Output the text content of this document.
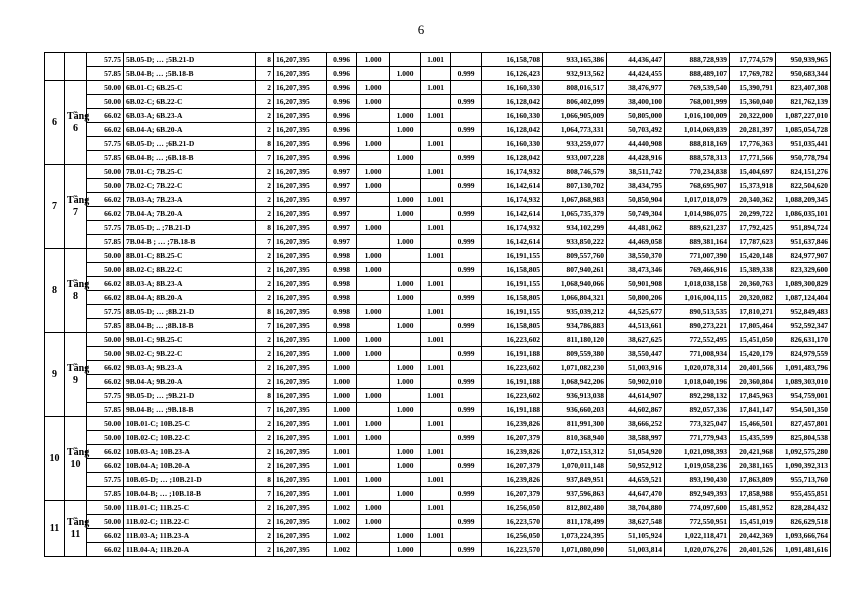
6
		57.75	5B.05-D; … ;5B.21-D	8	16,207,395	0.996	1.000		1.001		16,158,708	933,165,386	44,436,447	888,728,939	17,774,579	950,939,965
		57.85	5B.04-B; … ;5B.18-B	7	16,207,395	0.996		1.000		0.999	16,126,423	932,913,562	44,424,455	888,489,107	17,769,782	950,683,344
6	Tầng 6	50.00	6B.01-C; 6B.25-C	2	16,207,395	0.996	1.000		1.001		16,160,330	808,016,517	38,476,977	769,539,540	15,390,791	823,407,308
		50.00	6B.02-C; 6B.22-C	2	16,207,395	0.996	1.000			0.999	16,128,042	806,402,099	38,400,100	768,001,999	15,360,040	821,762,139
		66.02	6B.03-A; 6B.23-A	2	16,207,395	0.996		1.000	1.001		16,160,330	1,066,905,009	50,805,000	1,016,100,009	20,322,000	1,087,227,010
		66.02	6B.04-A; 6B.20-A	2	16,207,395	0.996		1.000		0.999	16,128,042	1,064,773,331	50,703,492	1,014,069,839	20,281,397	1,085,054,728
		57.75	6B.05-D; … ;6B.21-D	8	16,207,395	0.996	1.000		1.001		16,160,330	933,259,077	44,440,908	888,818,169	17,776,363	951,035,441
		57.85	6B.04-B; … ;6B.18-B	7	16,207,395	0.996		1.000		0.999	16,128,042	933,007,228	44,428,916	888,578,313	17,771,566	950,778,794
7	Tầng 7	50.00	7B.01-C; 7B.25-C	2	16,207,395	0.997	1.000		1.001		16,174,932	808,746,579	38,511,742	770,234,838	15,404,697	824,151,276
		50.00	7B.02-C; 7B.22-C	2	16,207,395	0.997	1.000			0.999	16,142,614	807,130,702	38,434,795	768,695,907	15,373,918	822,504,620
		66.02	7B.03-A; 7B.23-A	2	16,207,395	0.997		1.000	1.001		16,174,932	1,067,868,983	50,850,904	1,017,018,079	20,340,362	1,088,209,345
		66.02	7B.04-A; 7B.20-A	2	16,207,395	0.997		1.000		0.999	16,142,614	1,065,735,379	50,749,304	1,014,986,075	20,299,722	1,086,035,101
		57.75	7B.05-D; .. ;7B.21-D	8	16,207,395	0.997	1.000		1.001		16,174,932	934,102,299	44,481,062	889,621,237	17,792,425	951,894,724
		57.85	7B.04-B ; … ;7B.18-B	7	16,207,395	0.997		1.000		0.999	16,142,614	933,850,222	44,469,058	889,381,164	17,787,623	951,637,846
8	Tầng 8	50.00	8B.01-C; 8B.25-C	2	16,207,395	0.998	1.000		1.001		16,191,155	809,557,760	38,550,370	771,007,390	15,420,148	824,977,907
		50.00	8B.02-C; 8B.22-C	2	16,207,395	0.998	1.000			0.999	16,158,805	807,940,261	38,473,346	769,466,916	15,389,338	823,329,600
		66.02	8B.03-A; 8B.23-A	2	16,207,395	0.998		1.000	1.001		16,191,155	1,068,940,066	50,901,908	1,018,038,158	20,360,763	1,089,300,829
		66.02	8B.04-A; 8B.20-A	2	16,207,395	0.998		1.000		0.999	16,158,805	1,066,804,321	50,800,206	1,016,004,115	20,320,082	1,087,124,404
		57.75	8B.05-D; … ;8B.21-D	8	16,207,395	0.998	1.000		1.001		16,191,155	935,039,212	44,525,677	890,513,535	17,810,271	952,849,483
		57.85	8B.04-B; … ;8B.18-B	7	16,207,395	0.998		1.000		0.999	16,158,805	934,786,883	44,513,661	890,273,221	17,805,464	952,592,347
9	Tầng 9	50.00	9B.01-C; 9B.25-C	2	16,207,395	1.000	1.000		1.001		16,223,602	811,180,120	38,627,625	772,552,495	15,451,050	826,631,170
		50.00	9B.02-C; 9B.22-C	2	16,207,395	1.000	1.000			0.999	16,191,188	809,559,380	38,550,447	771,008,934	15,420,179	824,979,559
		66.02	9B.03-A; 9B.23-A	2	16,207,395	1.000		1.000	1.001		16,223,602	1,071,082,230	51,003,916	1,020,078,314	20,401,566	1,091,483,796
		66.02	9B.04-A; 9B.20-A	2	16,207,395	1.000		1.000		0.999	16,191,188	1,068,942,206	50,902,010	1,018,040,196	20,360,804	1,089,303,010
		57.75	9B.05-D; … ;9B.21-D	8	16,207,395	1.000	1.000		1.001		16,223,602	936,913,038	44,614,907	892,298,132	17,845,963	954,759,001
		57.85	9B.04-B; … ;9B.18-B	7	16,207,395	1.000		1.000		0.999	16,191,188	936,660,203	44,602,867	892,057,336	17,841,147	954,501,350
10	Tầng 10	50.00	10B.01-C; 10B.25-C	2	16,207,395	1.001	1.000		1.001		16,239,826	811,991,300	38,666,252	773,325,047	15,466,501	827,457,801
		50.00	10B.02-C; 10B.22-C	2	16,207,395	1.001	1.000			0.999	16,207,379	810,368,940	38,588,997	771,779,943	15,435,599	825,804,538
		66.02	10B.03-A; 10B.23-A	2	16,207,395	1.001		1.000	1.001		16,239,826	1,072,153,312	51,054,920	1,021,098,393	20,421,968	1,092,575,280
		66.02	10B.04-A; 10B.20-A	2	16,207,395	1.001		1.000		0.999	16,207,379	1,070,011,148	50,952,912	1,019,058,236	20,381,165	1,090,392,313
		57.75	10B.05-D; … ;10B.21-D	8	16,207,395	1.001	1.000		1.001		16,239,826	937,849,951	44,659,521	893,190,430	17,863,809	955,713,760
		57.85	10B.04-B; … ;10B.18-B	7	16,207,395	1.001		1.000		0.999	16,207,379	937,596,863	44,647,470	892,949,393	17,858,988	955,455,851
11	Tầng 11	50.00	11B.01-C; 11B.25-C	2	16,207,395	1.002	1.000		1.001		16,256,050	812,802,480	38,704,880	774,097,600	15,481,952	828,284,432
		50.00	11B.02-C; 11B.22-C	2	16,207,395	1.002	1.000			0.999	16,223,570	811,178,499	38,627,548	772,550,951	15,451,019	826,629,518
		66.02	11B.03-A; 11B.23-A	2	16,207,395	1.002		1.000	1.001		16,256,050	1,073,224,395	51,105,924	1,022,118,471	20,442,369	1,093,666,764
		66.02	11B.04-A; 11B.20-A	2	16,207,395	1.002		1.000		0.999	16,223,570	1,071,080,090	51,003,814	1,020,076,276	20,401,526	1,091,481,616
